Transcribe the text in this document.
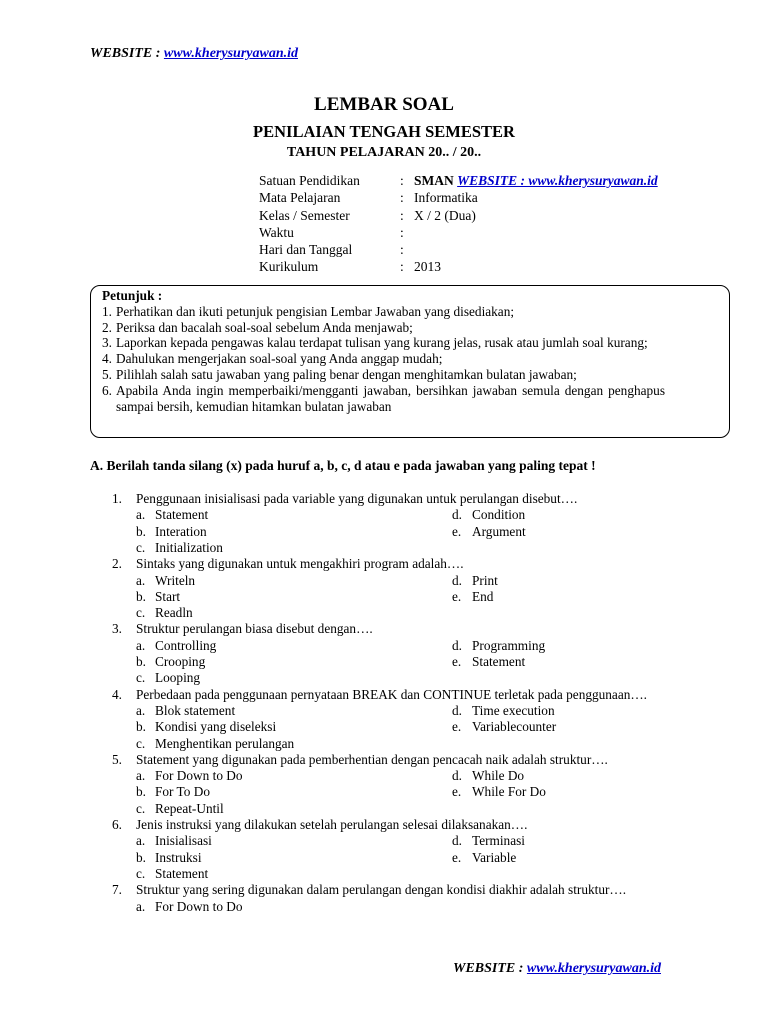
WEBSITE : www.kherysuryawan.id
LEMBAR SOAL
PENILAIAN TENGAH SEMESTER
TAHUN PELAJARAN 20.. / 20..
Satuan Pendidikan	: SMAN WEBSITE : www.kherysuryawan.id
Mata Pelajaran	: Informatika
Kelas / Semester	: X / 2 (Dua)
Waktu	:
Hari dan Tanggal	:
Kurikulum	: 2013
Petunjuk :
1. Perhatikan dan ikuti petunjuk pengisian Lembar Jawaban yang disediakan;
2. Periksa dan bacalah soal-soal sebelum Anda menjawab;
3. Laporkan kepada pengawas kalau terdapat tulisan yang kurang jelas, rusak atau jumlah soal kurang;
4. Dahulukan mengerjakan soal-soal yang Anda anggap mudah;
5. Pilihlah salah satu jawaban yang paling benar dengan menghitamkan bulatan jawaban;
6. Apabila Anda ingin memperbaiki/mengganti jawaban, bersihkan jawaban semula dengan penghapus sampai bersih, kemudian hitamkan bulatan jawaban
A. Berilah tanda silang (x) pada huruf a, b, c, d atau e pada jawaban yang paling tepat !
1. Penggunaan inisialisasi pada variable yang digunakan untuk perulangan disebut….
a. Statement	d. Condition
b. Interation	e. Argument
c. Initialization
2. Sintaks yang digunakan untuk mengakhiri program adalah….
a. Writeln	d. Print
b. Start	e. End
c. Readln
3. Struktur perulangan biasa disebut dengan….
a. Controlling	d. Programming
b. Crooping	e. Statement
c. Looping
4. Perbedaan pada penggunaan pernyataan BREAK dan CONTINUE terletak pada penggunaan….
a. Blok statement	d. Time execution
b. Kondisi yang diseleksi	e. Variablecounter
c. Menghentikan perulangan
5. Statement yang digunakan pada pemberhentian dengan pencacah naik adalah struktur….
a. For Down to Do	d. While Do
b. For To Do	e. While For Do
c. Repeat-Until
6. Jenis instruksi yang dilakukan setelah perulangan selesai dilaksanakan….
a. Inisialisasi	d. Terminasi
b. Instruksi	e. Variable
c. Statement
7. Struktur yang sering digunakan dalam perulangan dengan kondisi diakhir adalah struktur….
a. For Down to Do
WEBSITE : www.kherysuryawan.id
